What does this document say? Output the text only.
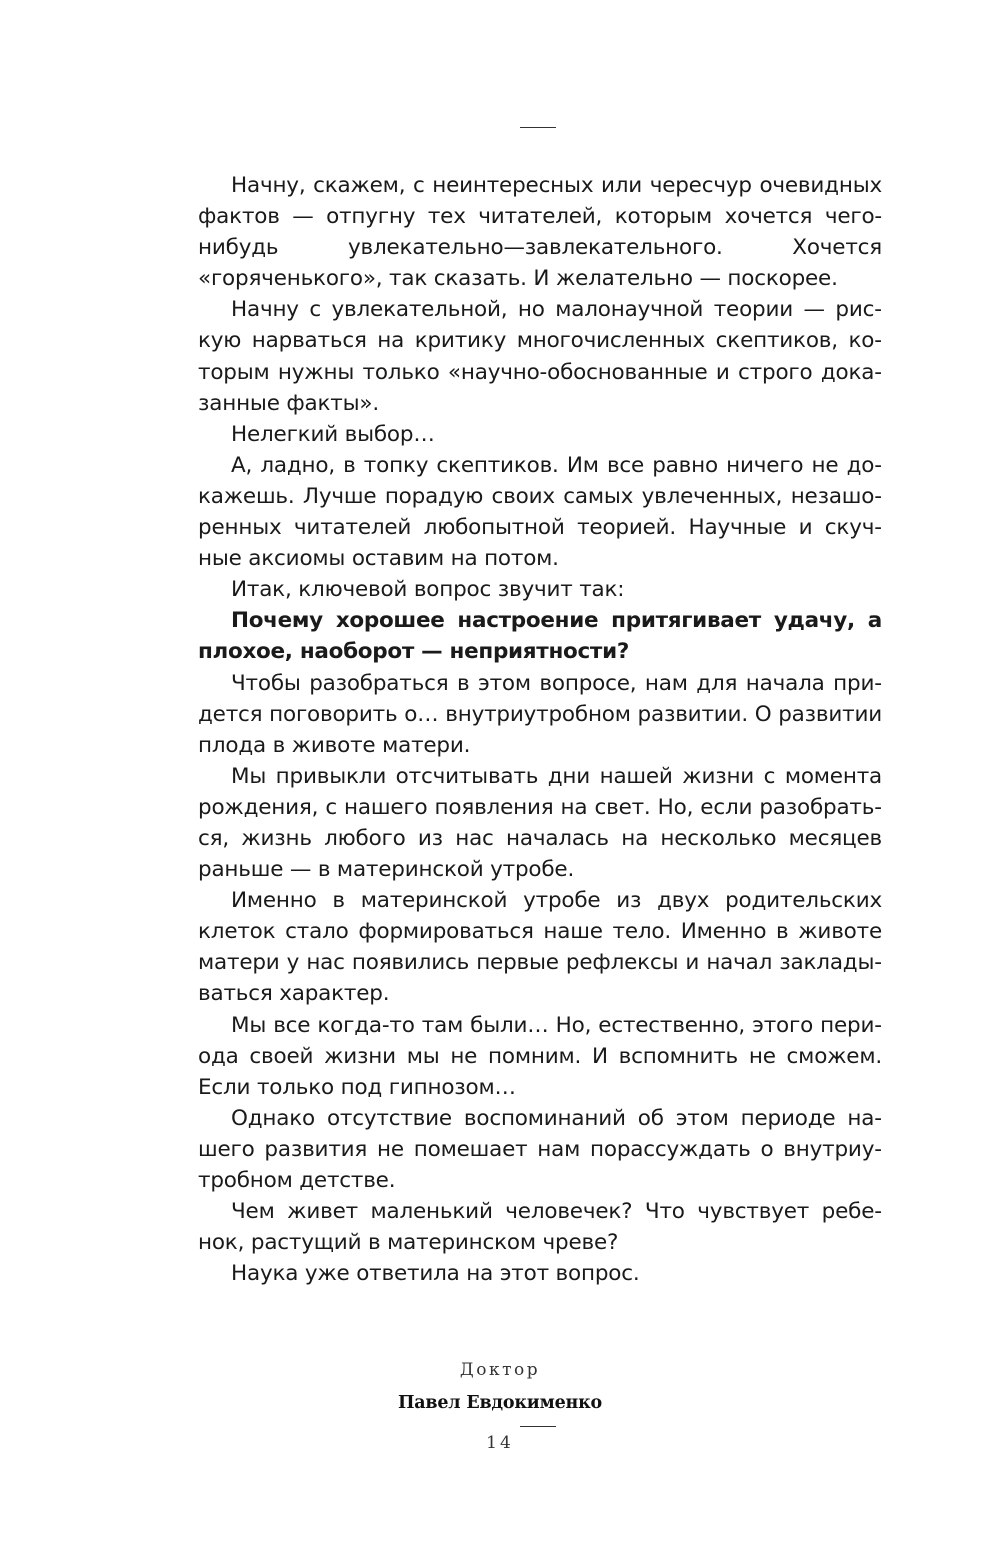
Начну, скажем, с неинтересных или чересчур очевидных фактов — отпугну тех читателей, которым хочется чего-нибудь увлекательно—завлекательного. Хочется «горяченького», так сказать. И желательно — поскорее.

Начну с увлекательной, но малонаучной теории — рискую нарваться на критику многочисленных скептиков, которым нужны только «научно-обоснованные и строго доказанные факты».

Нелегкий выбор…

А, ладно, в топку скептиков. Им все равно ничего не докажешь. Лучше порадую своих самых увлеченных, незашоренных читателей любопытной теорией. Научные и скучные аксиомы оставим на потом.

Итак, ключевой вопрос звучит так:

Почему хорошее настроение притягивает удачу, а плохое, наоборот — неприятности?

Чтобы разобраться в этом вопросе, нам для начала придется поговорить о… внутриутробном развитии. О развитии плода в животе матери.

Мы привыкли отсчитывать дни нашей жизни с момента рождения, с нашего появления на свет. Но, если разобраться, жизнь любого из нас началась на несколько месяцев раньше — в материнской утробе.

Именно в материнской утробе из двух родительских клеток стало формироваться наше тело. Именно в животе матери у нас появились первые рефлексы и начал закладываться характер.

Мы все когда-то там были… Но, естественно, этого периода своей жизни мы не помним. И вспомнить не сможем. Если только под гипнозом…

Однако отсутствие воспоминаний об этом периоде нашего развития не помешает нам порассуждать о внутриутробном детстве.

Чем живет маленький человечек? Что чувствует ребенок, растущий в материнском чреве?

Наука уже ответила на этот вопрос.

Доктор
Павел Евдокименко
14
